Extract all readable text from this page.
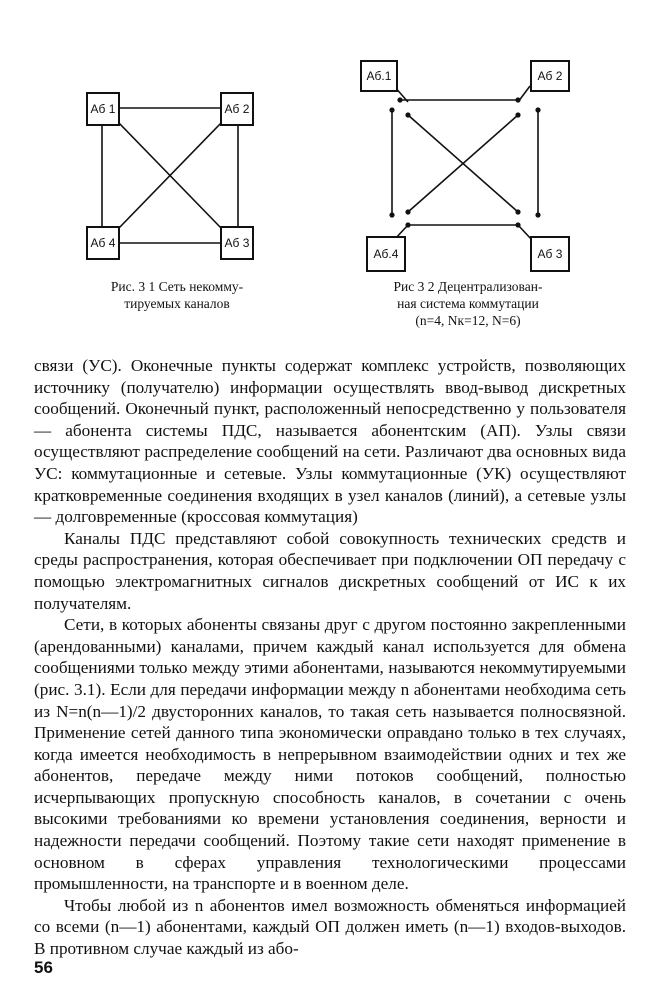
Аб 1	Аб 2
Аб 4	Аб 3
Рис. 3 1 Сеть некомму-
тируемых каналов
Аб.1	Аб 2
Аб.4	Аб 3
Рис 3 2 Децентрализован-
ная система коммутации
(n=4, Nк=12, N=6)

связи (УС). Оконечные пункты содержат комплекс устройств, позволяющих источнику (получателю) информации осуществлять ввод-вывод дискретных сообщений. Оконечный пункт, расположенный непосредственно у пользователя — абонента системы ПДС, называется абонентским (АП). Узлы связи осуществляют распределение сообщений на сети. Различают два основных вида УС: коммутационные и сетевые. Узлы коммутационные (УК) осуществляют кратковременные соединения входящих в узел каналов (линий), а сетевые узлы — долговременные (кроссовая коммутация)

Каналы ПДС представляют собой совокупность технических средств и среды распространения, которая обеспечивает при подключении ОП передачу с помощью электромагнитных сигналов дискретных сообщений от ИС к их получателям.

Сети, в которых абоненты связаны друг с другом постоянно закрепленными (арендованными) каналами, причем каждый канал используется для обмена сообщениями только между этими абонентами, называются некоммутируемыми (рис. 3.1). Если для передачи информации между n абонентами необходима сеть из N=n(n—1)/2 двусторонних каналов, то такая сеть называется полносвязной. Применение сетей данного типа экономически оправдано только в тех случаях, когда имеется необходимость в непрерывном взаимодействии одних и тех же абонентов, передаче между ними потоков сообщений, полностью исчерпывающих пропускную способность каналов, в сочетании с очень высокими требованиями ко времени установления соединения, верности и надежности передачи сообщений. Поэтому такие сети находят применение в основном в сферах управления технологическими процессами промышленности, на транспорте и в военном деле.

Чтобы любой из n абонентов имел возможность обменяться информацией со всеми (n—1) абонентами, каждый ОП должен иметь (n—1) входов-выходов. В противном случае каждый из або-

56
